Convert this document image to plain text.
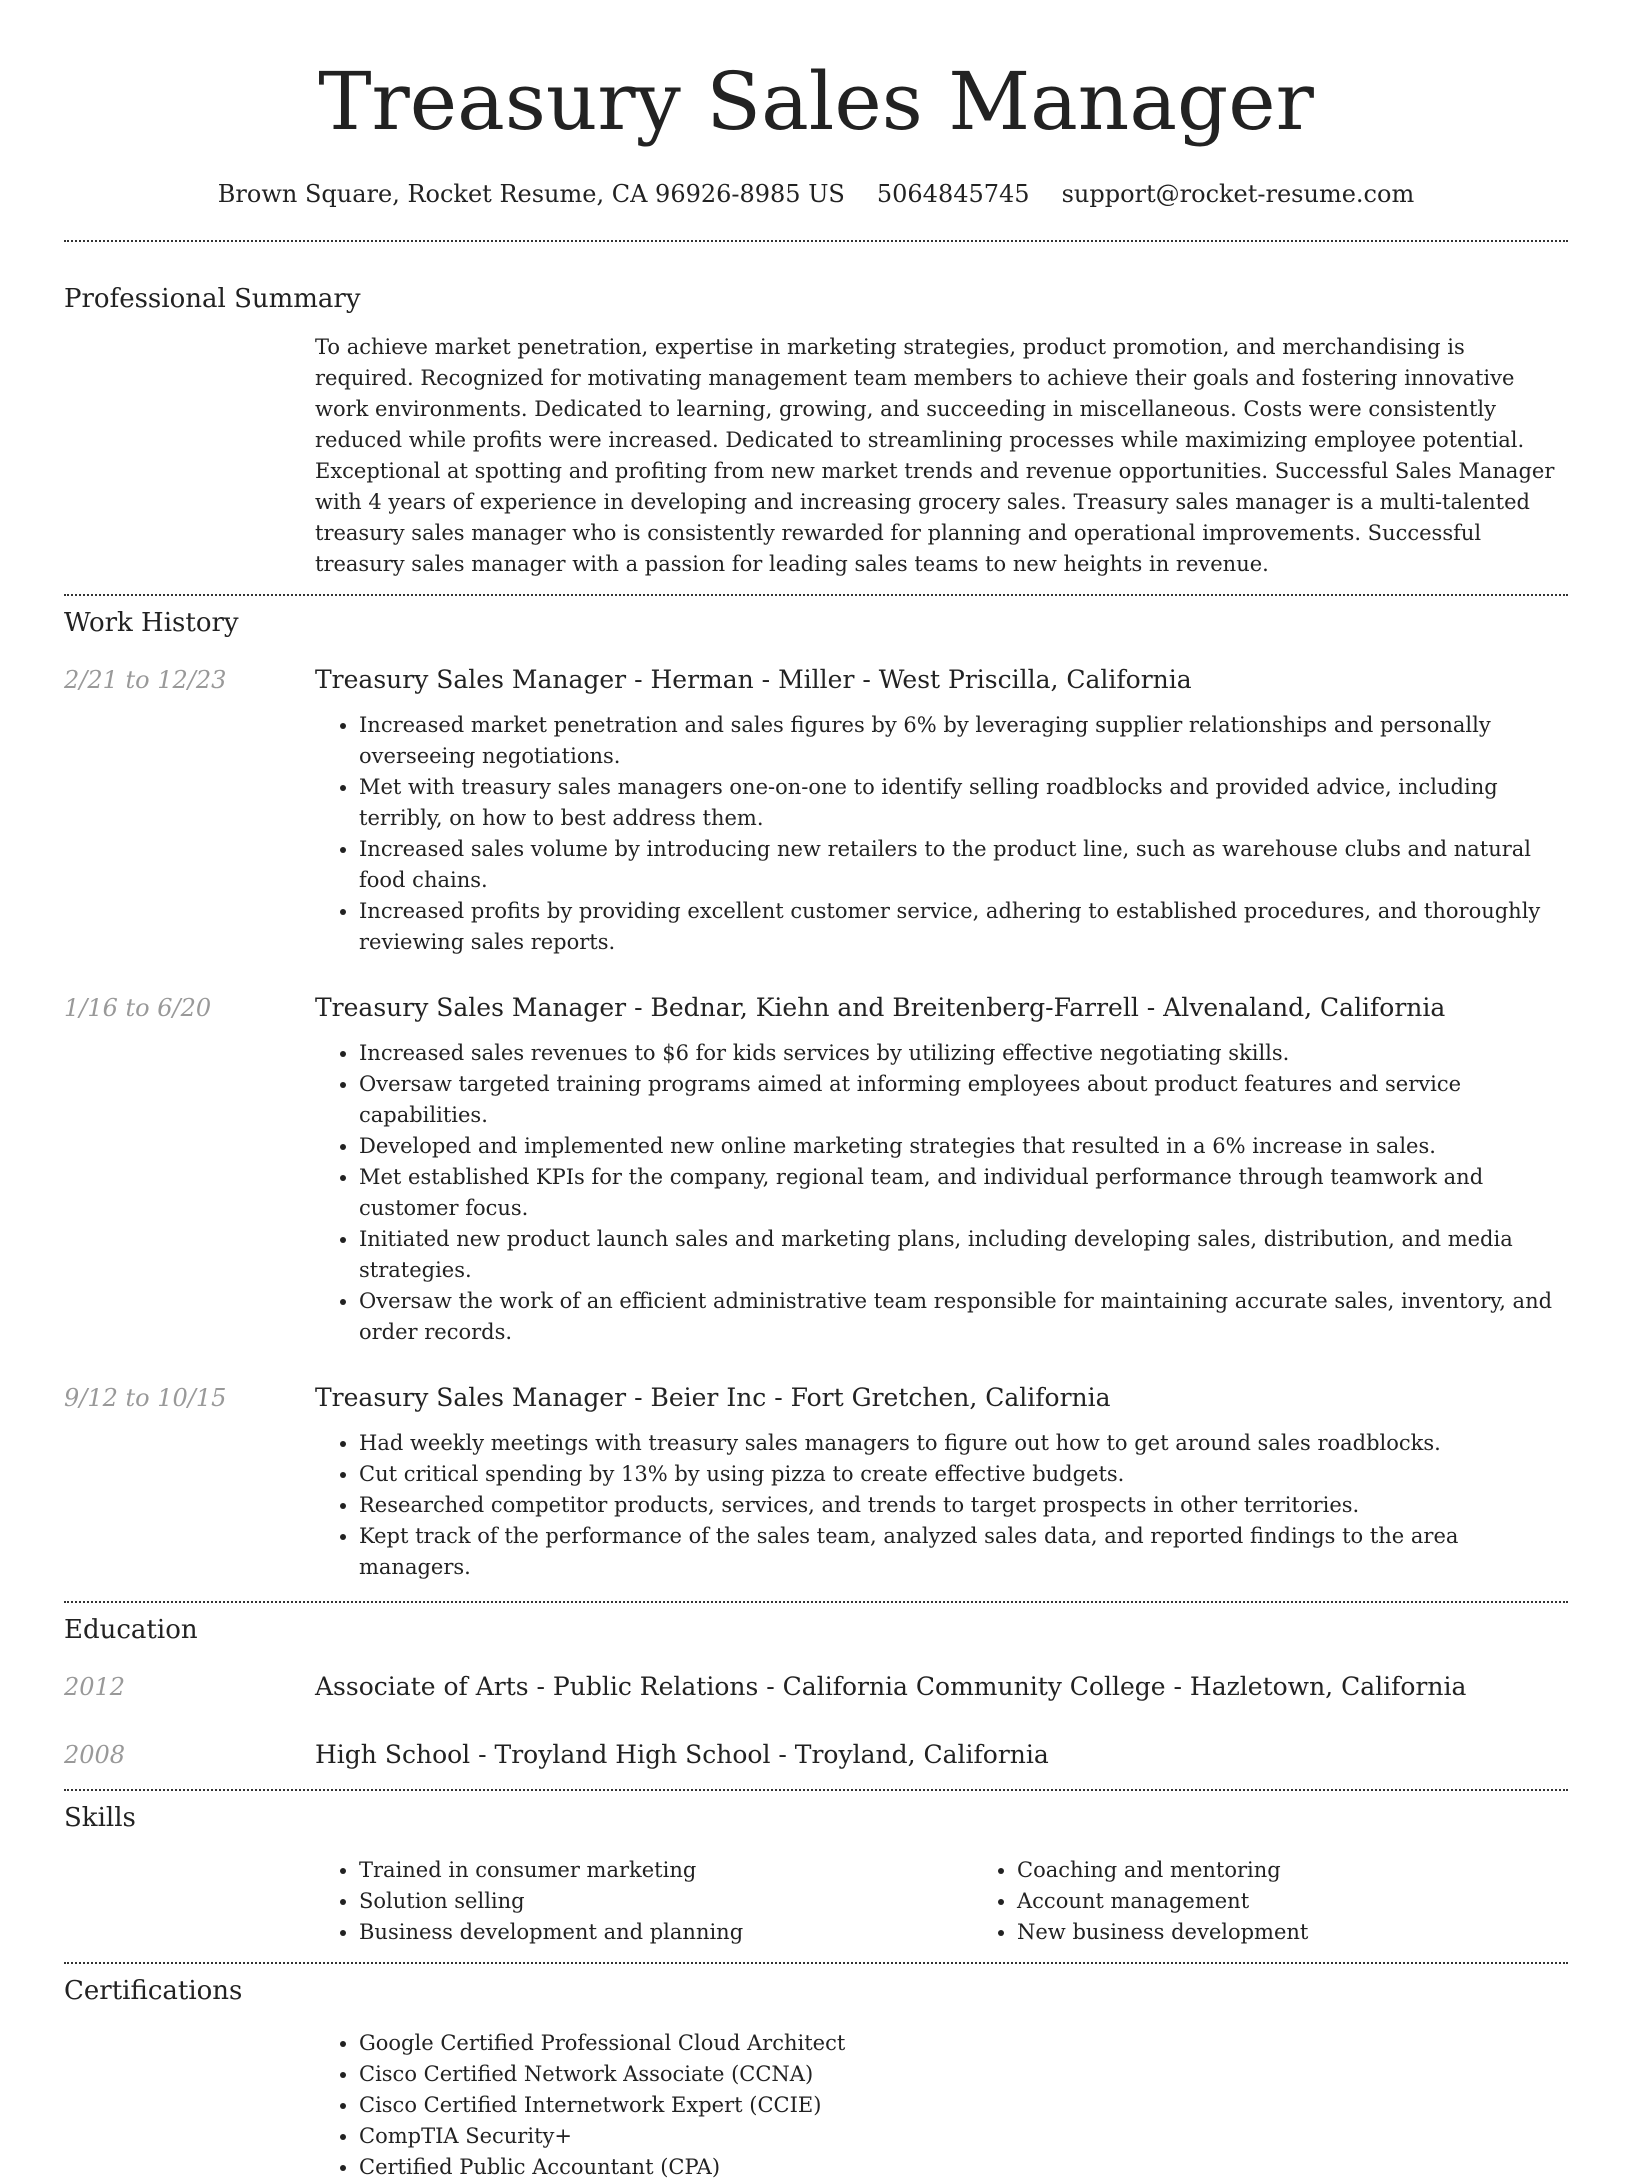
Treasury Sales Manager
Brown Square, Rocket Resume, CA 96926-8985 US 5064845745 support@rocket-resume.com
Professional Summary
To achieve market penetration, expertise in marketing strategies, product promotion, and merchandising is required. Recognized for motivating management team members to achieve their goals and fostering innovative work environments. Dedicated to learning, growing, and succeeding in miscellaneous. Costs were consistently reduced while profits were increased. Dedicated to streamlining processes while maximizing employee potential. Exceptional at spotting and profiting from new market trends and revenue opportunities. Successful Sales Manager with 4 years of experience in developing and increasing grocery sales. Treasury sales manager is a multi-talented treasury sales manager who is consistently rewarded for planning and operational improvements. Successful treasury sales manager with a passion for leading sales teams to new heights in revenue.
Work History
2/21 to 12/23	Treasury Sales Manager - Herman - Miller - West Priscilla, California
• Increased market penetration and sales figures by 6% by leveraging supplier relationships and personally overseeing negotiations.
• Met with treasury sales managers one-on-one to identify selling roadblocks and provided advice, including terribly, on how to best address them.
• Increased sales volume by introducing new retailers to the product line, such as warehouse clubs and natural food chains.
• Increased profits by providing excellent customer service, adhering to established procedures, and thoroughly reviewing sales reports.
1/16 to 6/20	Treasury Sales Manager - Bednar, Kiehn and Breitenberg-Farrell - Alvenaland, California
• Increased sales revenues to $6 for kids services by utilizing effective negotiating skills.
• Oversaw targeted training programs aimed at informing employees about product features and service capabilities.
• Developed and implemented new online marketing strategies that resulted in a 6% increase in sales.
• Met established KPIs for the company, regional team, and individual performance through teamwork and customer focus.
• Initiated new product launch sales and marketing plans, including developing sales, distribution, and media strategies.
• Oversaw the work of an efficient administrative team responsible for maintaining accurate sales, inventory, and order records.
9/12 to 10/15	Treasury Sales Manager - Beier Inc - Fort Gretchen, California
• Had weekly meetings with treasury sales managers to figure out how to get around sales roadblocks.
• Cut critical spending by 13% by using pizza to create effective budgets.
• Researched competitor products, services, and trends to target prospects in other territories.
• Kept track of the performance of the sales team, analyzed sales data, and reported findings to the area managers.
Education
2012	Associate of Arts - Public Relations - California Community College - Hazletown, California
2008	High School - Troyland High School - Troyland, California
Skills
• Trained in consumer marketing
• Solution selling
• Business development and planning
• Coaching and mentoring
• Account management
• New business development
Certifications
• Google Certified Professional Cloud Architect
• Cisco Certified Network Associate (CCNA)
• Cisco Certified Internetwork Expert (CCIE)
• CompTIA Security+
• Certified Public Accountant (CPA)
